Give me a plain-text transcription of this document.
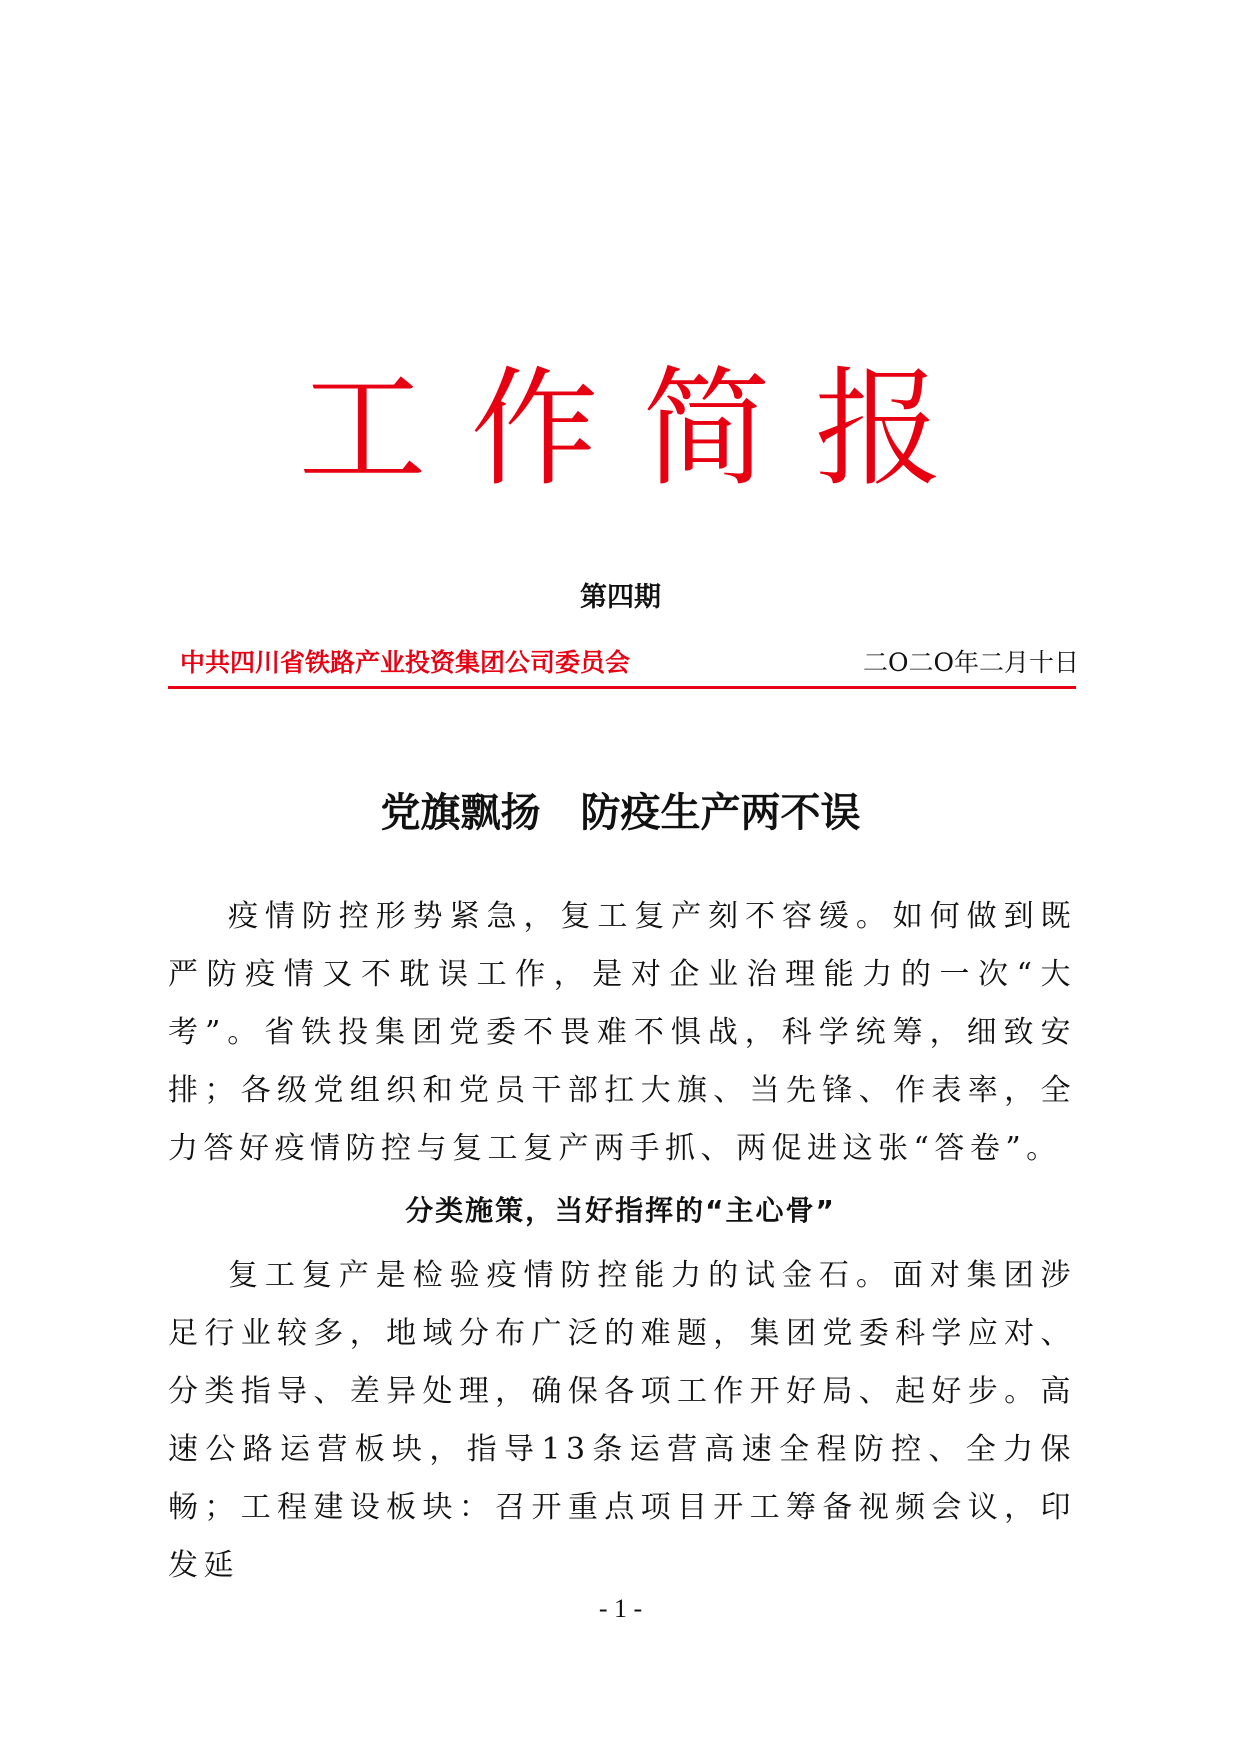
工作简报
第四期
中共四川省铁路产业投资集团公司委员会	二O二O年二月十日
党旗飘扬　防疫生产两不误

疫情防控形势紧急，复工复产刻不容缓。如何做到既严防疫情又不耽误工作，是对企业治理能力的一次“大考”。省铁投集团党委不畏难不惧战，科学统筹，细致安排；各级党组织和党员干部扛大旗、当先锋、作表率，全力答好疫情防控与复工复产两手抓、两促进这张“答卷”。

分类施策，当好指挥的“主心骨”

复工复产是检验疫情防控能力的试金石。面对集团涉足行业较多，地域分布广泛的难题，集团党委科学应对、分类指导、差异处理，确保各项工作开好局、起好步。高速公路运营板块，指导13条运营高速全程防控、全力保畅；工程建设板块：召开重点项目开工筹备视频会议，印发延

- 1 -
